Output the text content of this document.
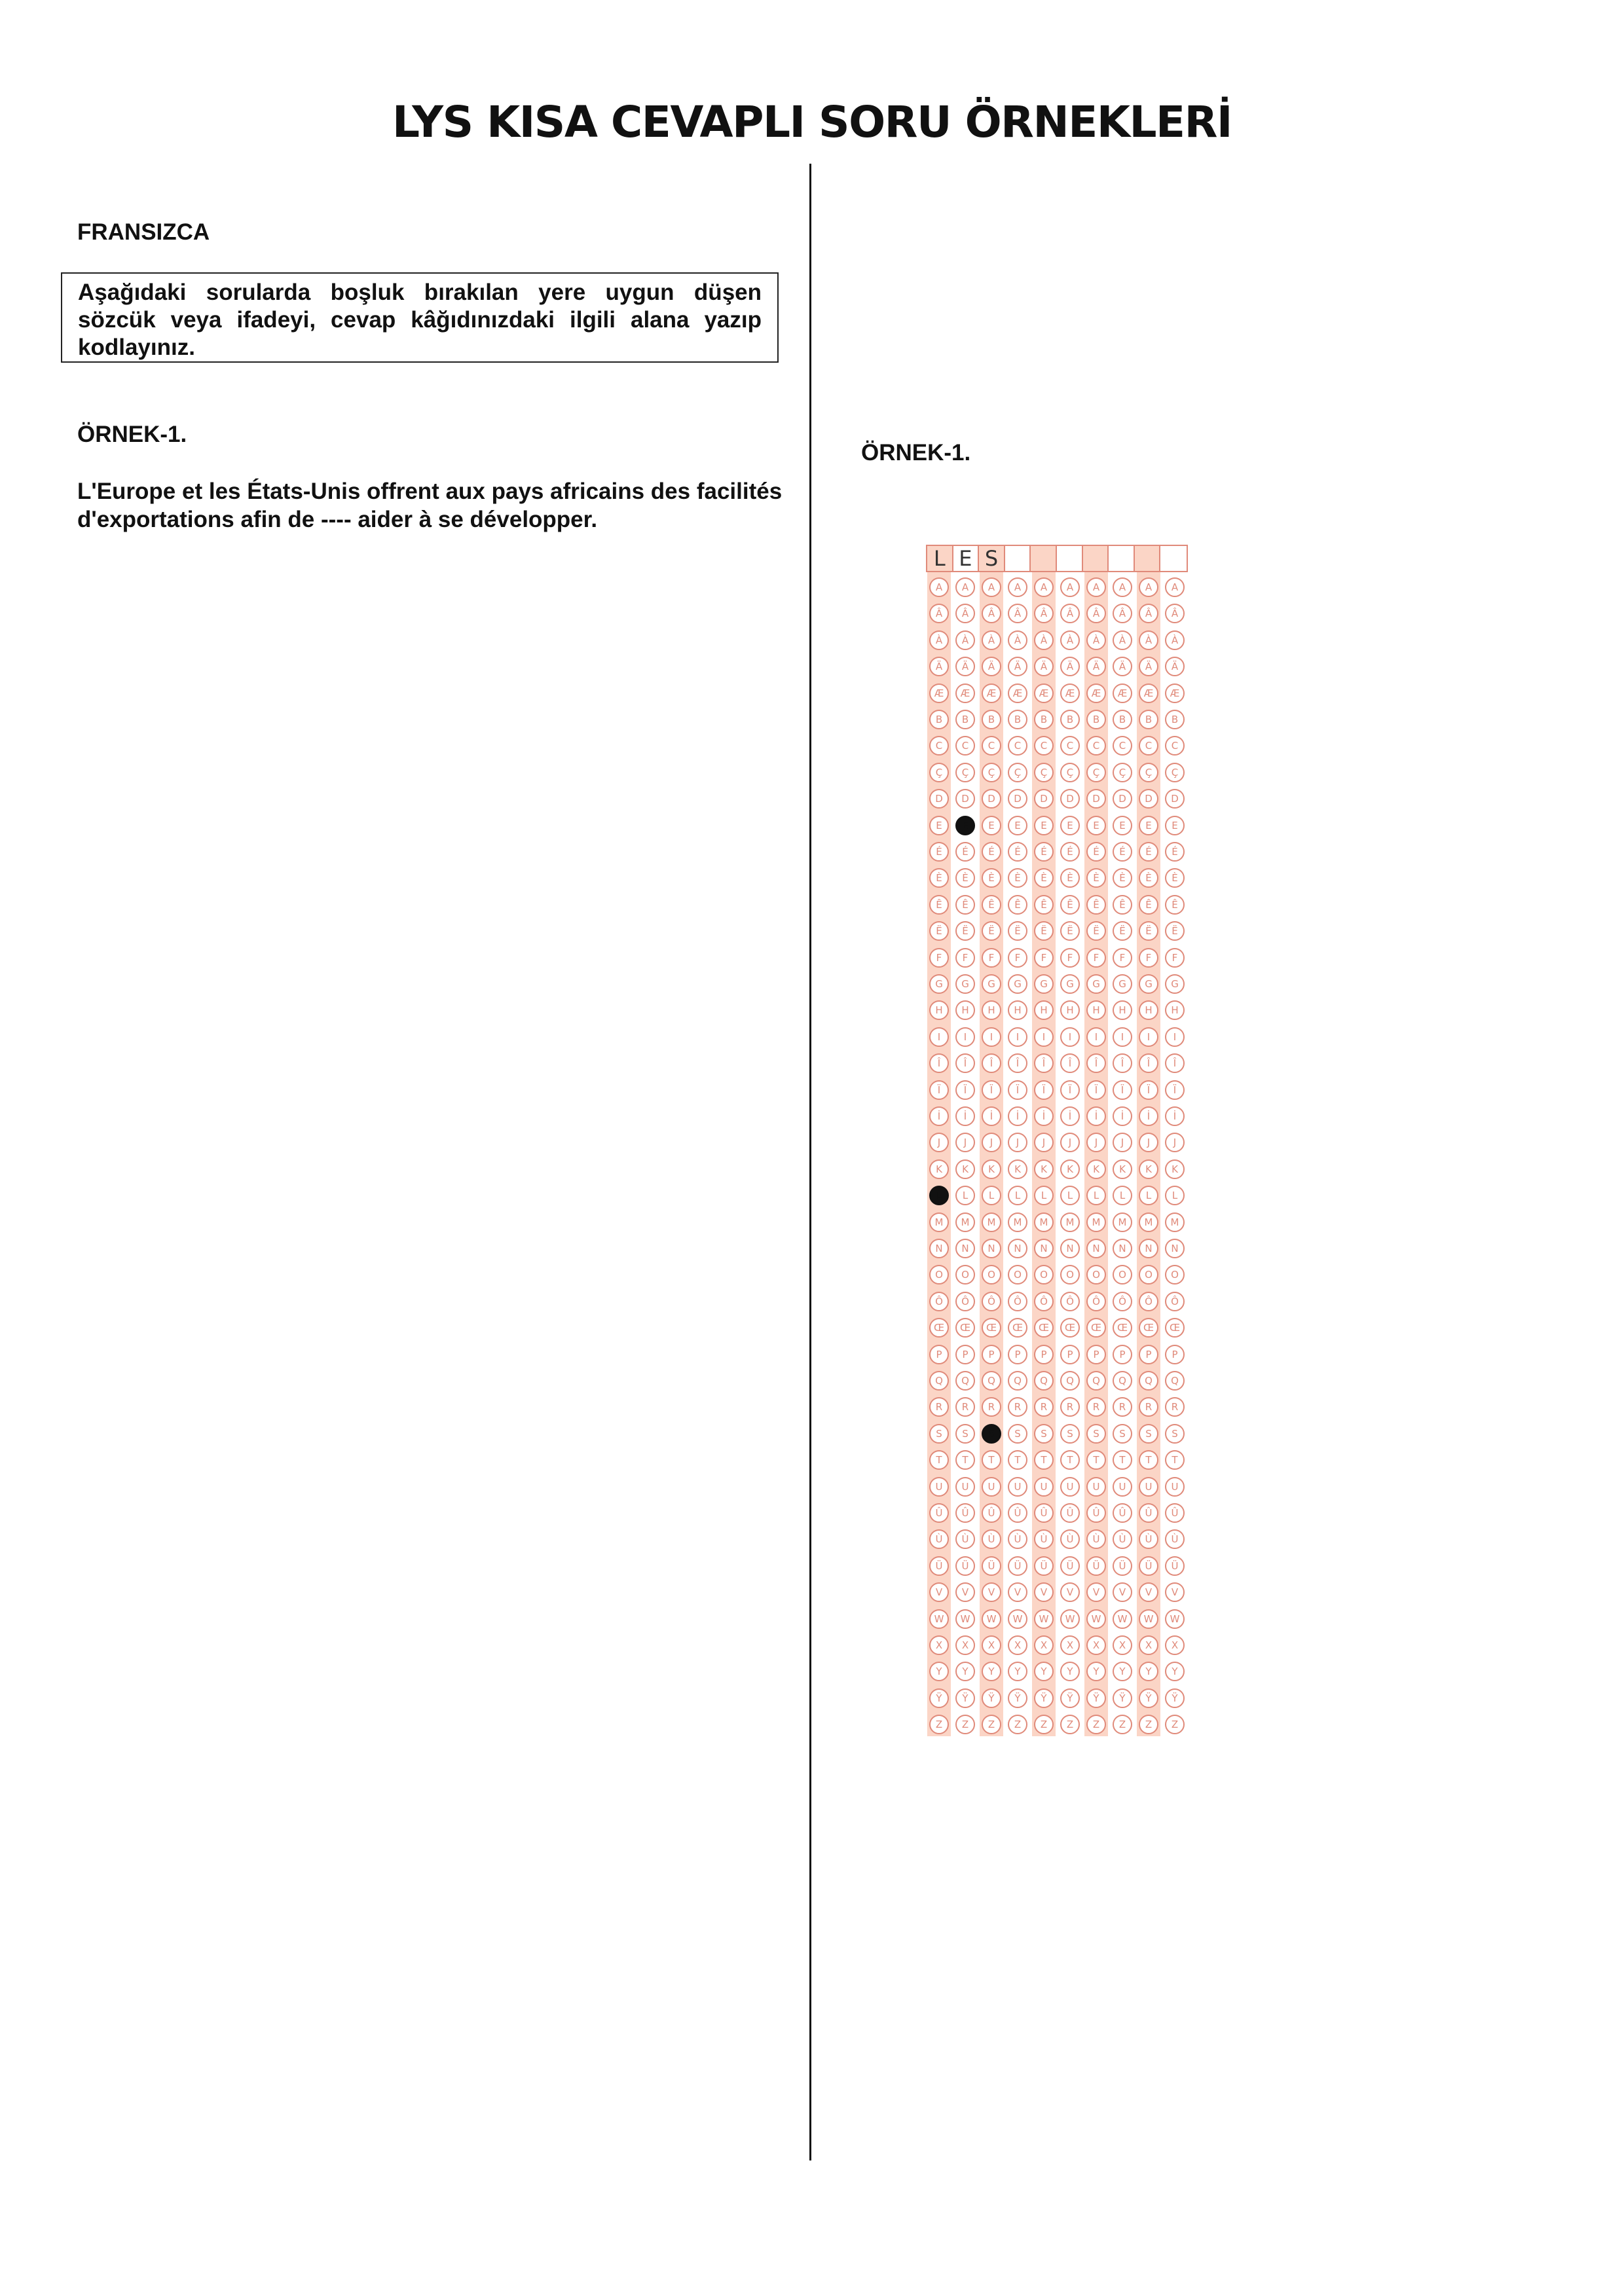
LYS KISA CEVAPLI SORU ÖRNEKLERİ
FRANSIZCA
Aşağıdaki sorularda boşluk bırakılan yere uygun düşen sözcük veya ifadeyi, cevap kâğıdınızdaki ilgili alana yazıp kodlayınız.
ÖRNEK-1.
L'Europe et les États-Unis offrent aux pays africains des facilités d'exportations afin de ---- aider à se développer.
ÖRNEK-1.
L E S
A	A	A	A	A	A	A	A	A	A
Â	Â	Â	Â	Â	Â	Â	Â	Â	Â
À	À	À	À	À	À	À	À	À	À
Ä	Ä	Ä	Ä	Ä	Ä	Ä	Ä	Ä	Ä
Æ	Æ	Æ	Æ	Æ	Æ	Æ	Æ	Æ	Æ
B	B	B	B	B	B	B	B	B	B
C	C	C	C	C	C	C	C	C	C
Ç	Ç	Ç	Ç	Ç	Ç	Ç	Ç	Ç	Ç
D	D	D	D	D	D	D	D	D	D
E	E	E	E	E	E	E	E	E	E
É	É	É	É	É	É	É	É	É	É
È	È	È	È	È	È	È	È	È	È
Ê	Ê	Ê	Ê	Ê	Ê	Ê	Ê	Ê	Ê
Ë	Ë	Ë	Ë	Ë	Ë	Ë	Ë	Ë	Ë
F	F	F	F	F	F	F	F	F	F
G	G	G	G	G	G	G	G	G	G
H	H	H	H	H	H	H	H	H	H
I	I	I	I	I	I	I	I	I	I
Î	Î	Î	Î	Î	Î	Î	Î	Î	Î
Ï	Ï	Ï	Ï	Ï	Ï	Ï	Ï	Ï	Ï
İ	İ	İ	İ	İ	İ	İ	İ	İ	İ
J	J	J	J	J	J	J	J	J	J
K	K	K	K	K	K	K	K	K	K
L	L	L	L	L	L	L	L	L	L
M	M	M	M	M	M	M	M	M	M
N	N	N	N	N	N	N	N	N	N
O	O	O	O	O	O	O	O	O	O
Ô	Ô	Ô	Ô	Ô	Ô	Ô	Ô	Ô	Ô
Œ	Œ	Œ	Œ	Œ	Œ	Œ	Œ	Œ	Œ
P	P	P	P	P	P	P	P	P	P
Q	Q	Q	Q	Q	Q	Q	Q	Q	Q
R	R	R	R	R	R	R	R	R	R
S	S	S	S	S	S	S	S	S	S
T	T	T	T	T	T	T	T	T	T
U	U	U	U	U	U	U	U	U	U
Û	Û	Û	Û	Û	Û	Û	Û	Û	Û
Ù	Ù	Ù	Ù	Ù	Ù	Ù	Ù	Ù	Ù
Ü	Ü	Ü	Ü	Ü	Ü	Ü	Ü	Ü	Ü
V	V	V	V	V	V	V	V	V	V
W	W	W	W	W	W	W	W	W	W
X	X	X	X	X	X	X	X	X	X
Y	Y	Y	Y	Y	Y	Y	Y	Y	Y
Ÿ	Ÿ	Ÿ	Ÿ	Ÿ	Ÿ	Ÿ	Ÿ	Ÿ	Ÿ
Z	Z	Z	Z	Z	Z	Z	Z	Z	Z
